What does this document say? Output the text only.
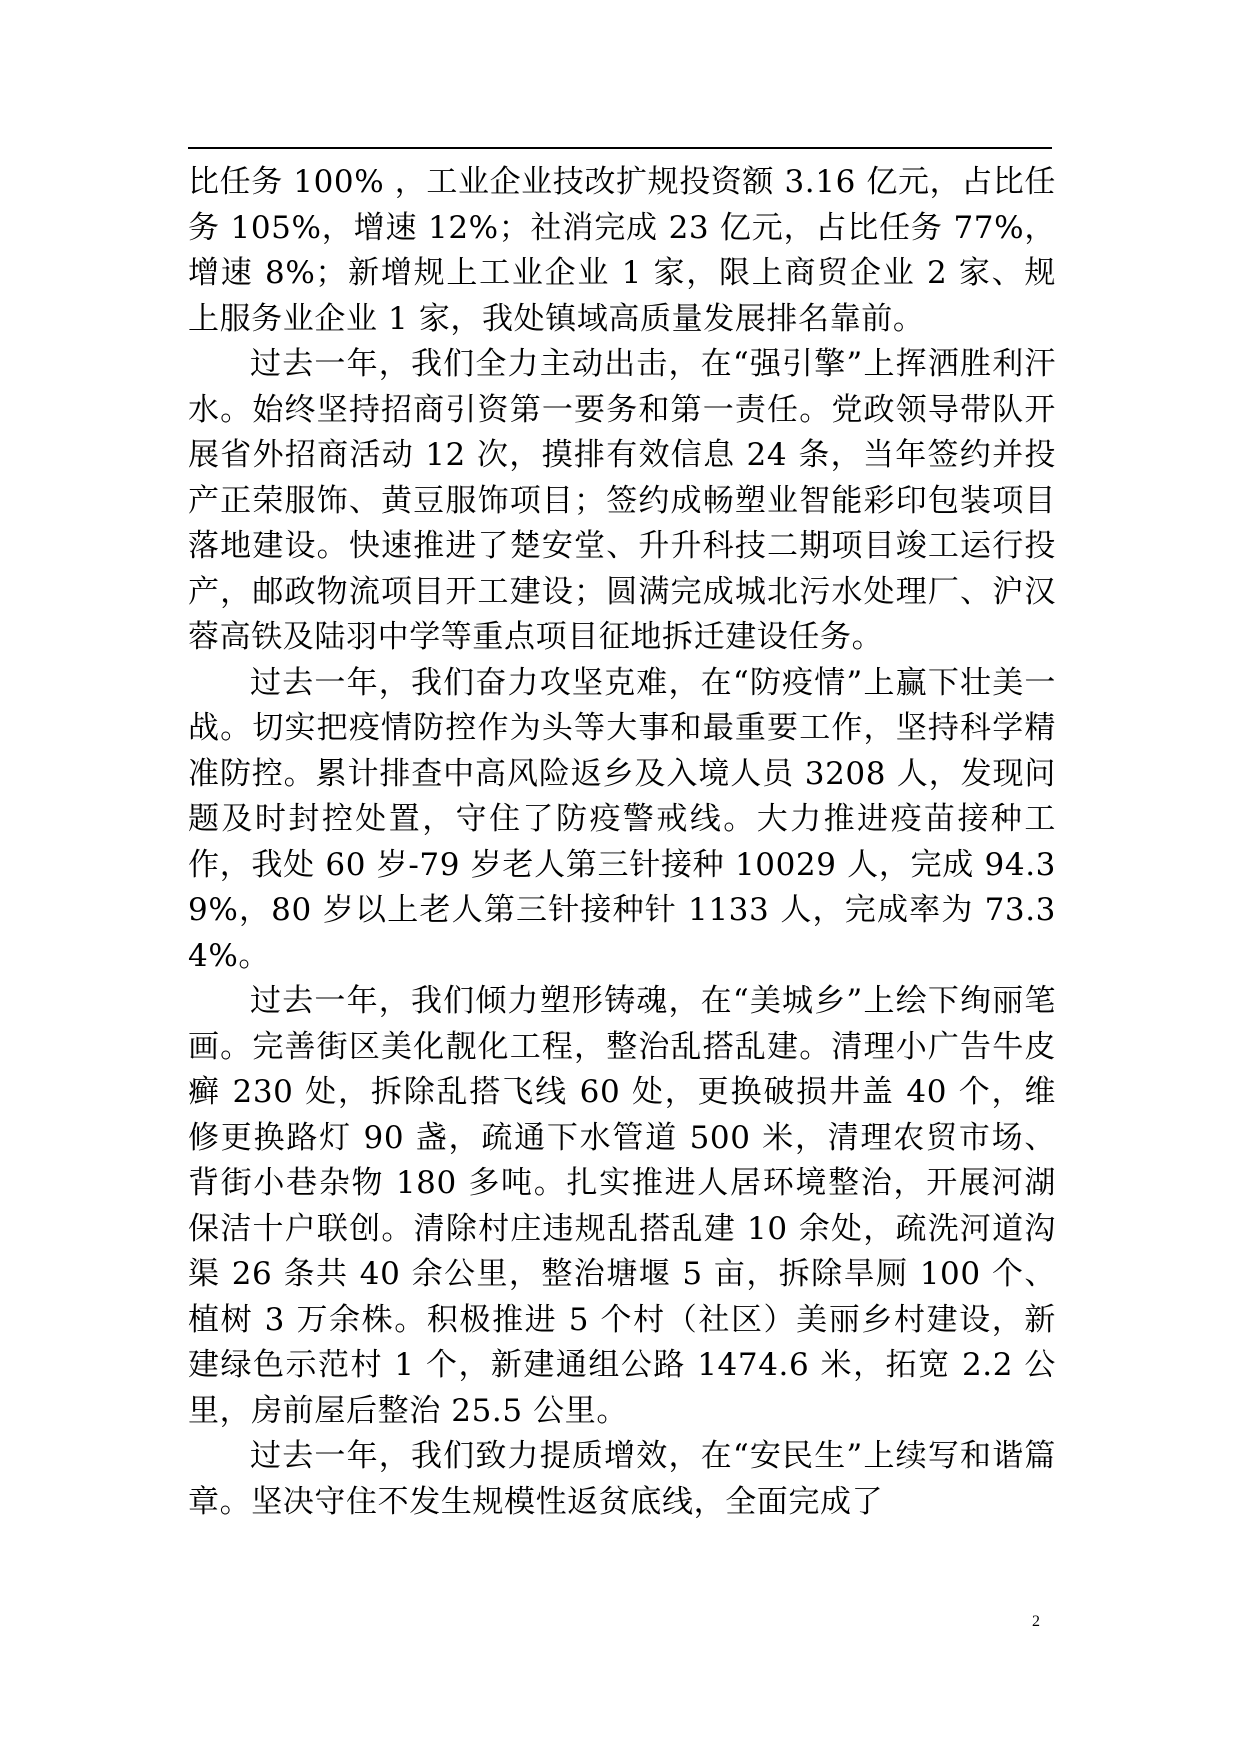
比任务 100% ，工业企业技改扩规投资额 3.16 亿元，占比任务 105%，增速 12%；社消完成 23 亿元，占比任务 77%，增速 8%；新增规上工业企业 1 家，限上商贸企业 2 家、规上服务业企业 1 家，我处镇域高质量发展排名靠前。

过去一年，我们全力主动出击，在“强引擎”上挥洒胜利汗水。始终坚持招商引资第一要务和第一责任。党政领导带队开展省外招商活动 12 次，摸排有效信息 24 条，当年签约并投产正荣服饰、黄豆服饰项目；签约成畅塑业智能彩印包装项目落地建设。快速推进了楚安堂、升升科技二期项目竣工运行投产，邮政物流项目开工建设；圆满完成城北污水处理厂、沪汉蓉高铁及陆羽中学等重点项目征地拆迁建设任务。

过去一年，我们奋力攻坚克难，在“防疫情”上赢下壮美一战。切实把疫情防控作为头等大事和最重要工作，坚持科学精准防控。累计排查中高风险返乡及入境人员 3208 人，发现问题及时封控处置，守住了防疫警戒线。大力推进疫苗接种工作，我处 60 岁-79 岁老人第三针接种 10029 人，完成 94.39%，80 岁以上老人第三针接种针 1133 人，完成率为 73.34%。

过去一年，我们倾力塑形铸魂，在“美城乡”上绘下绚丽笔画。完善街区美化靓化工程，整治乱搭乱建。清理小广告牛皮癣 230 处，拆除乱搭飞线 60 处，更换破损井盖 40 个，维修更换路灯 90 盏，疏通下水管道 500 米，清理农贸市场、背街小巷杂物 180 多吨。扎实推进人居环境整治，开展河湖保洁十户联创。清除村庄违规乱搭乱建 10 余处，疏洗河道沟渠 26 条共 40 余公里，整治塘堰 5 亩，拆除旱厕 100 个、植树 3 万余株。积极推进 5 个村（社区）美丽乡村建设，新建绿色示范村 1 个，新建通组公路 1474.6 米，拓宽 2.2 公里，房前屋后整治 25.5 公里。

过去一年，我们致力提质增效，在“安民生”上续写和谐篇章。坚决守住不发生规模性返贫底线，全面完成了

2
